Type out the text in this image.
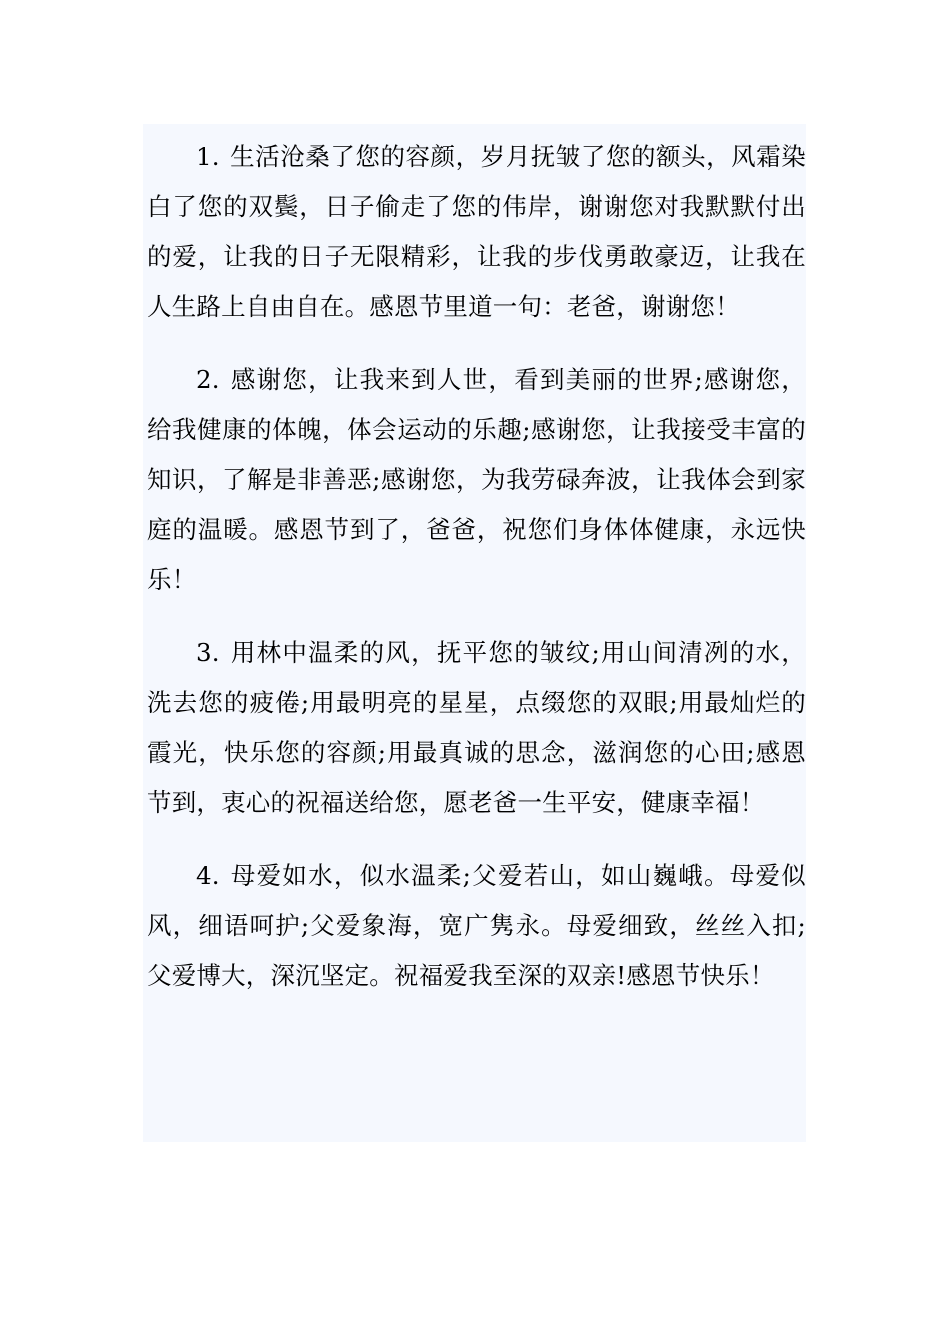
1. 生活沧桑了您的容颜，岁月抚皱了您的额头，风霜染白了您的双鬓，日子偷走了您的伟岸，谢谢您对我默默付出的爱，让我的日子无限精彩，让我的步伐勇敢豪迈，让我在人生路上自由自在。感恩节里道一句：老爸，谢谢您！

2. 感谢您，让我来到人世，看到美丽的世界;感谢您，给我健康的体魄，体会运动的乐趣;感谢您，让我接受丰富的知识，了解是非善恶;感谢您，为我劳碌奔波，让我体会到家庭的温暖。感恩节到了，爸爸，祝您们身体体健康，永远快乐！

3. 用林中温柔的风，抚平您的皱纹;用山间清冽的水，洗去您的疲倦;用最明亮的星星，点缀您的双眼;用最灿烂的霞光，快乐您的容颜;用最真诚的思念，滋润您的心田;感恩节到，衷心的祝福送给您，愿老爸一生平安，健康幸福！

4. 母爱如水，似水温柔;父爱若山，如山巍峨。母爱似风，细语呵护;父爱象海，宽广隽永。母爱细致，丝丝入扣;父爱博大，深沉坚定。祝福爱我至深的双亲!感恩节快乐！
